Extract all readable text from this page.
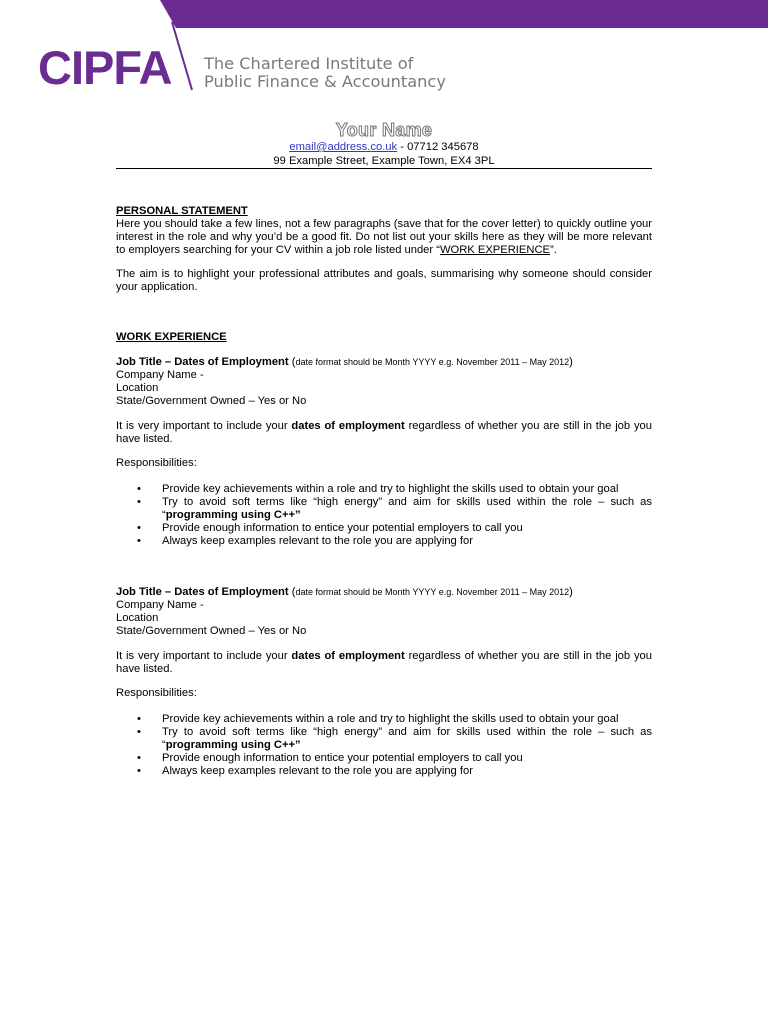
CIPFA The Chartered Institute of
Public Finance & Accountancy
Your Name
email@address.co.uk - 07712 345678
99 Example Street, Example Town, EX4 3PL
PERSONAL STATEMENT
Here you should take a few lines, not a few paragraphs (save that for the cover letter) to quickly outline your interest in the role and why you’d be a good fit. Do not list out your skills here as they will be more relevant to employers searching for your CV within a job role listed under “WORK EXPERIENCE”.
The aim is to highlight your professional attributes and goals, summarising why someone should consider your application.
WORK EXPERIENCE
Job Title – Dates of Employment (date format should be Month YYYY e.g. November 2011 – May 2012)
Company Name -
Location
State/Government Owned – Yes or No
It is very important to include your dates of employment regardless of whether you are still in the job you have listed.
Responsibilities:
• Provide key achievements within a role and try to highlight the skills used to obtain your goal
• Try to avoid soft terms like “high energy” and aim for skills used within the role – such as “programming using C++”
• Provide enough information to entice your potential employers to call you
• Always keep examples relevant to the role you are applying for
Job Title – Dates of Employment (date format should be Month YYYY e.g. November 2011 – May 2012)
Company Name -
Location
State/Government Owned – Yes or No
It is very important to include your dates of employment regardless of whether you are still in the job you have listed.
Responsibilities:
• Provide key achievements within a role and try to highlight the skills used to obtain your goal
• Try to avoid soft terms like “high energy” and aim for skills used within the role – such as “programming using C++”
• Provide enough information to entice your potential employers to call you
• Always keep examples relevant to the role you are applying for
